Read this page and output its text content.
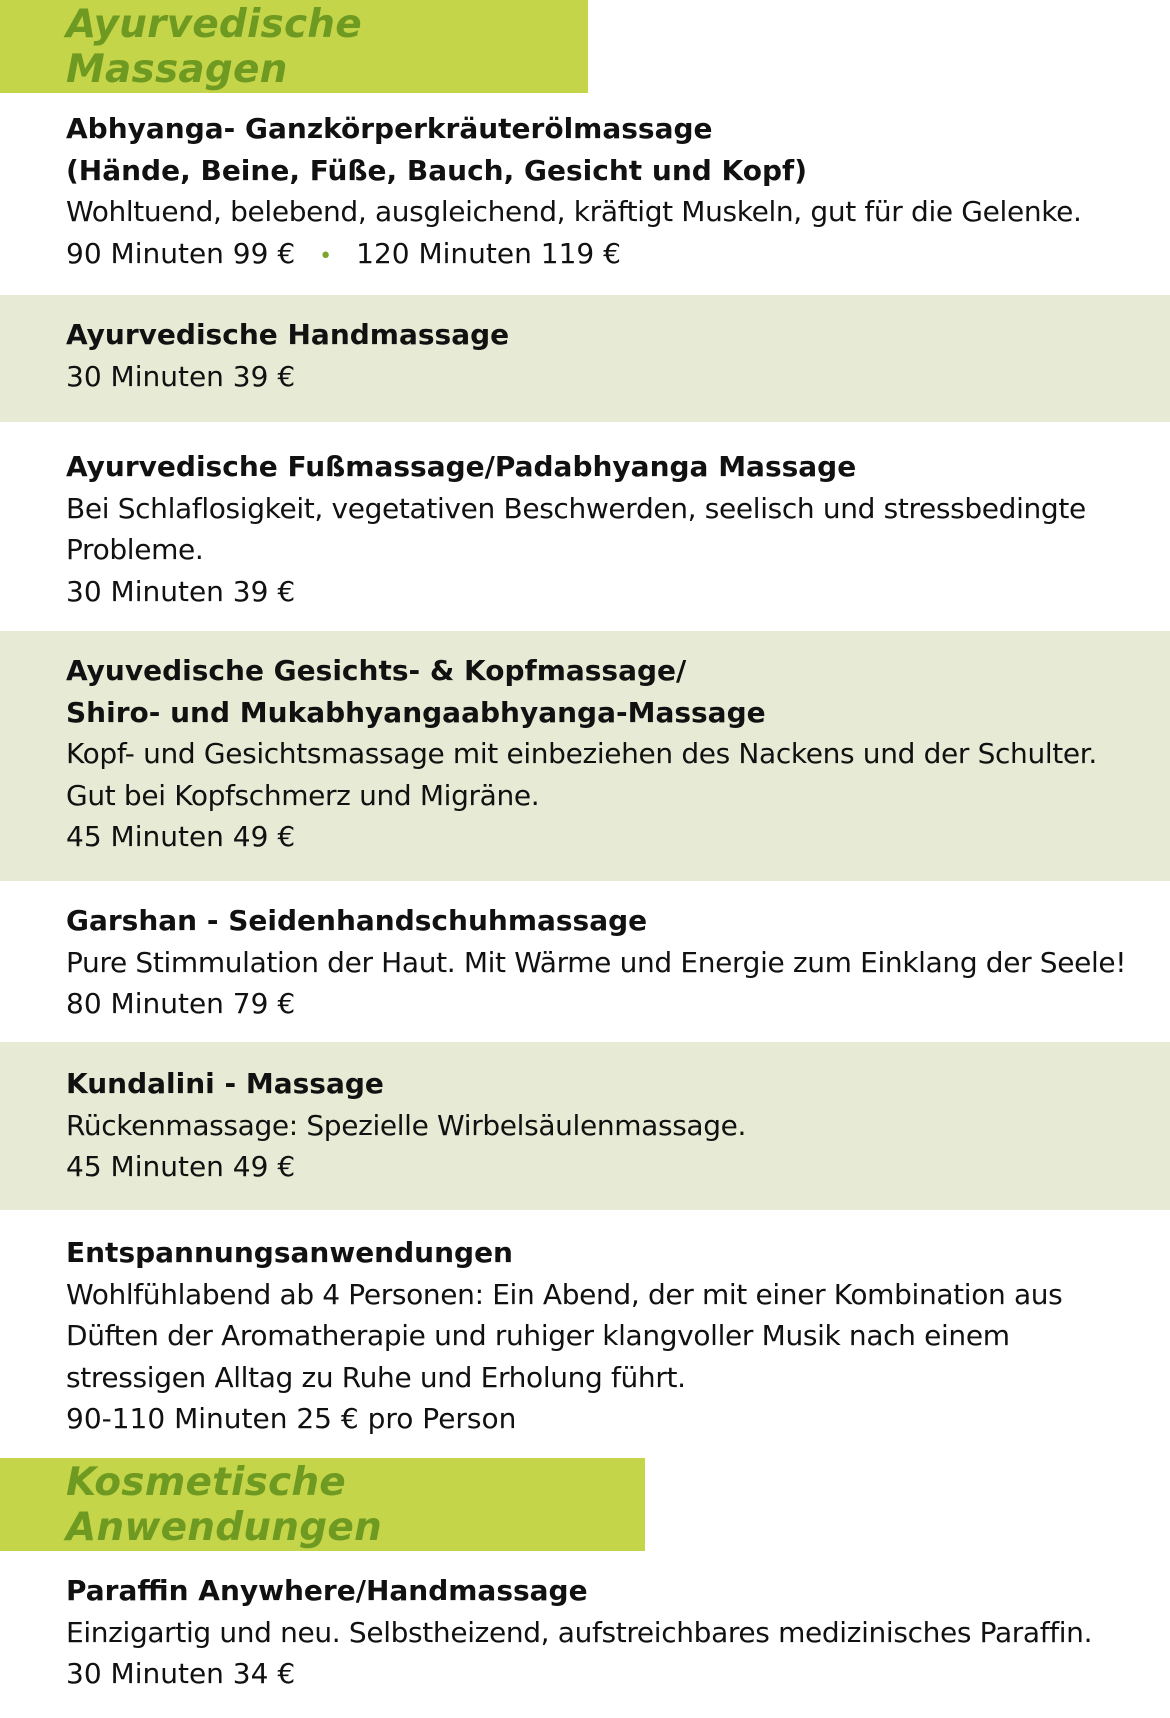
Ayurvedische Massagen
Abhyanga- Ganzkörperkräuterölmassage
(Hände, Beine, Füße, Bauch, Gesicht und Kopf)
Wohltuend, belebend, ausgleichend, kräftigt Muskeln, gut für die Gelenke.
90 Minuten 99 € • 120 Minuten 119 €
Ayurvedische Handmassage
30 Minuten 39 €
Ayurvedische Fußmassage/Padabhyanga Massage
Bei Schlaflosigkeit, vegetativen Beschwerden, seelisch und stressbedingte
Probleme.
30 Minuten 39 €
Ayuvedische Gesichts- & Kopfmassage/
Shiro- und Mukabhyangaabhyanga-Massage
Kopf- und Gesichtsmassage mit einbeziehen des Nackens und der Schulter.
Gut bei Kopfschmerz und Migräne.
45 Minuten 49 €
Garshan - Seidenhandschuhmassage
Pure Stimmulation der Haut. Mit Wärme und Energie zum Einklang der Seele!
80 Minuten 79 €
Kundalini - Massage
Rückenmassage: Spezielle Wirbelsäulenmassage.
45 Minuten 49 €
Entspannungsanwendungen
Wohlfühlabend ab 4 Personen: Ein Abend, der mit einer Kombination aus
Düften der Aromatherapie und ruhiger klangvoller Musik nach einem
stressigen Alltag zu Ruhe und Erholung führt.
90-110 Minuten 25 € pro Person
Kosmetische Anwendungen
Paraffin Anywhere/Handmassage
Einzigartig und neu. Selbstheizend, aufstreichbares medizinisches Paraffin.
30 Minuten 34 €
